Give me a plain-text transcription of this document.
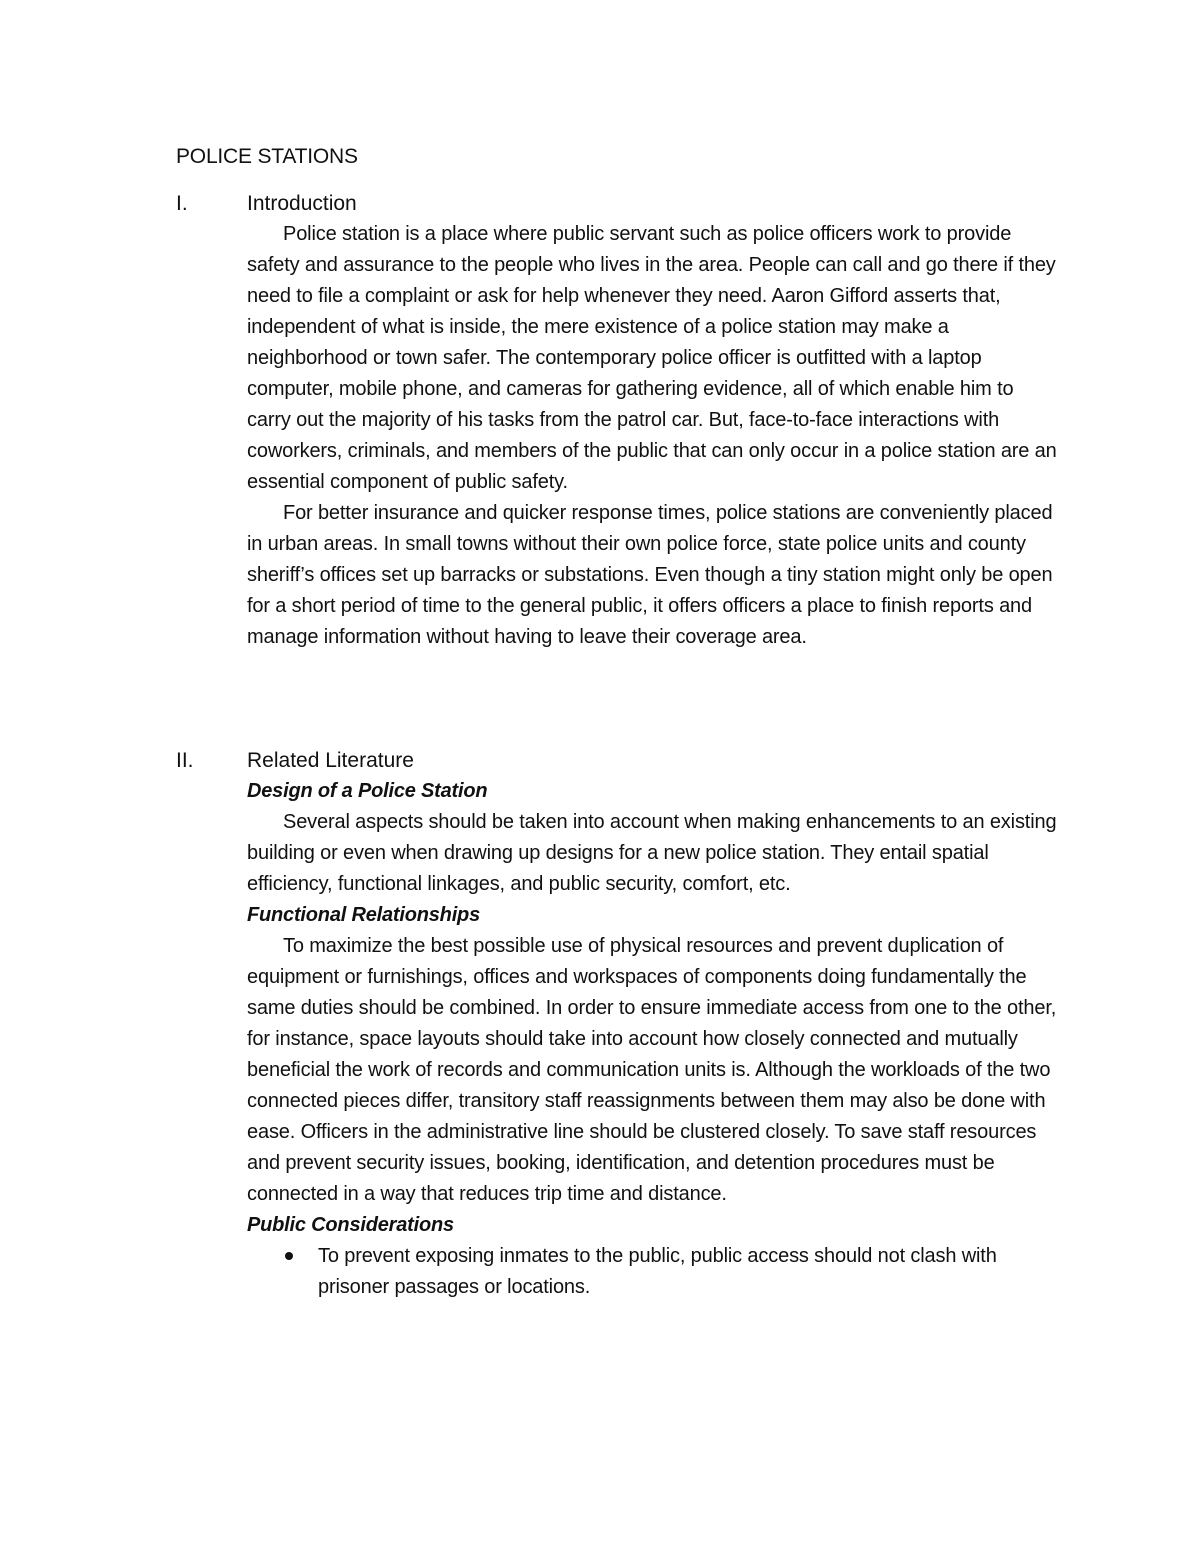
POLICE STATIONS
I.	Introduction

Police station is a place where public servant such as police officers work to provide safety and assurance to the people who lives in the area. People can call and go there if they need to file a complaint or ask for help whenever they need. Aaron Gifford asserts that, independent of what is inside, the mere existence of a police station may make a neighborhood or town safer. The contemporary police officer is outfitted with a laptop computer, mobile phone, and cameras for gathering evidence, all of which enable him to carry out the majority of his tasks from the patrol car. But, face-to-face interactions with coworkers, criminals, and members of the public that can only occur in a police station are an essential component of public safety.

For better insurance and quicker response times, police stations are conveniently placed in urban areas. In small towns without their own police force, state police units and county sheriff’s offices set up barracks or substations. Even though a tiny station might only be open for a short period of time to the general public, it offers officers a place to finish reports and manage information without having to leave their coverage area.

II.	Related Literature

Design of a Police Station

Several aspects should be taken into account when making enhancements to an existing building or even when drawing up designs for a new police station. They entail spatial efficiency, functional linkages, and public security, comfort, etc.

Functional Relationships

To maximize the best possible use of physical resources and prevent duplication of equipment or furnishings, offices and workspaces of components doing fundamentally the same duties should be combined. In order to ensure immediate access from one to the other, for instance, space layouts should take into account how closely connected and mutually beneficial the work of records and communication units is. Although the workloads of the two connected pieces differ, transitory staff reassignments between them may also be done with ease. Officers in the administrative line should be clustered closely. To save staff resources and prevent security issues, booking, identification, and detention procedures must be connected in a way that reduces trip time and distance.

Public Considerations

To prevent exposing inmates to the public, public access should not clash with prisoner passages or locations.
